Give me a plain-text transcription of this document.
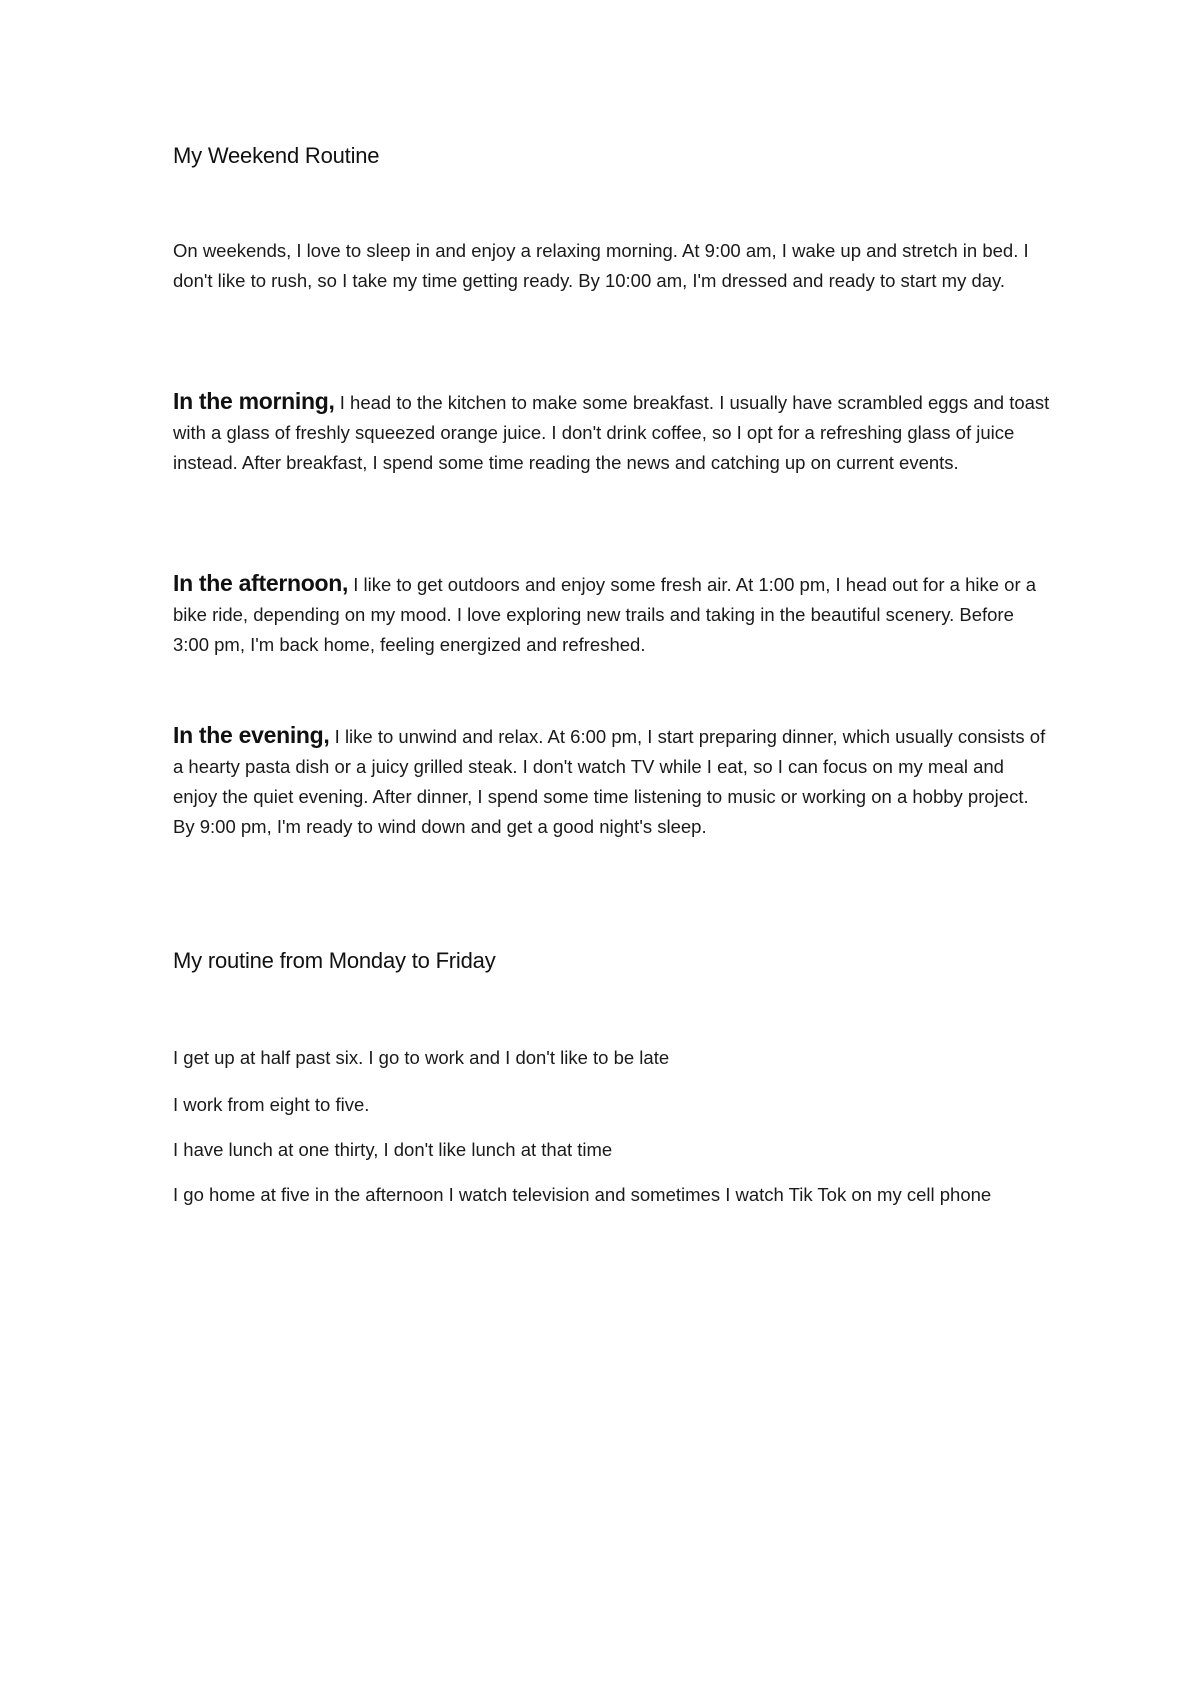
My Weekend Routine

On weekends, I love to sleep in and enjoy a relaxing morning. At 9:00 am, I wake up and stretch in bed. I don't like to rush, so I take my time getting ready. By 10:00 am, I'm dressed and ready to start my day.

In the morning, I head to the kitchen to make some breakfast. I usually have scrambled eggs and toast with a glass of freshly squeezed orange juice. I don't drink coffee, so I opt for a refreshing glass of juice instead. After breakfast, I spend some time reading the news and catching up on current events.

In the afternoon, I like to get outdoors and enjoy some fresh air. At 1:00 pm, I head out for a hike or a bike ride, depending on my mood. I love exploring new trails and taking in the beautiful scenery. Before 3:00 pm, I'm back home, feeling energized and refreshed.

In the evening, I like to unwind and relax. At 6:00 pm, I start preparing dinner, which usually consists of a hearty pasta dish or a juicy grilled steak. I don't watch TV while I eat, so I can focus on my meal and enjoy the quiet evening. After dinner, I spend some time listening to music or working on a hobby project. By 9:00 pm, I'm ready to wind down and get a good night's sleep.

My routine from Monday to Friday

I get up at half past six. I go to work and I don't like to be late

I work from eight to five.

I have lunch at one thirty, I don't like lunch at that time

I go home at five in the afternoon I watch television and sometimes I watch Tik Tok on my cell phone
